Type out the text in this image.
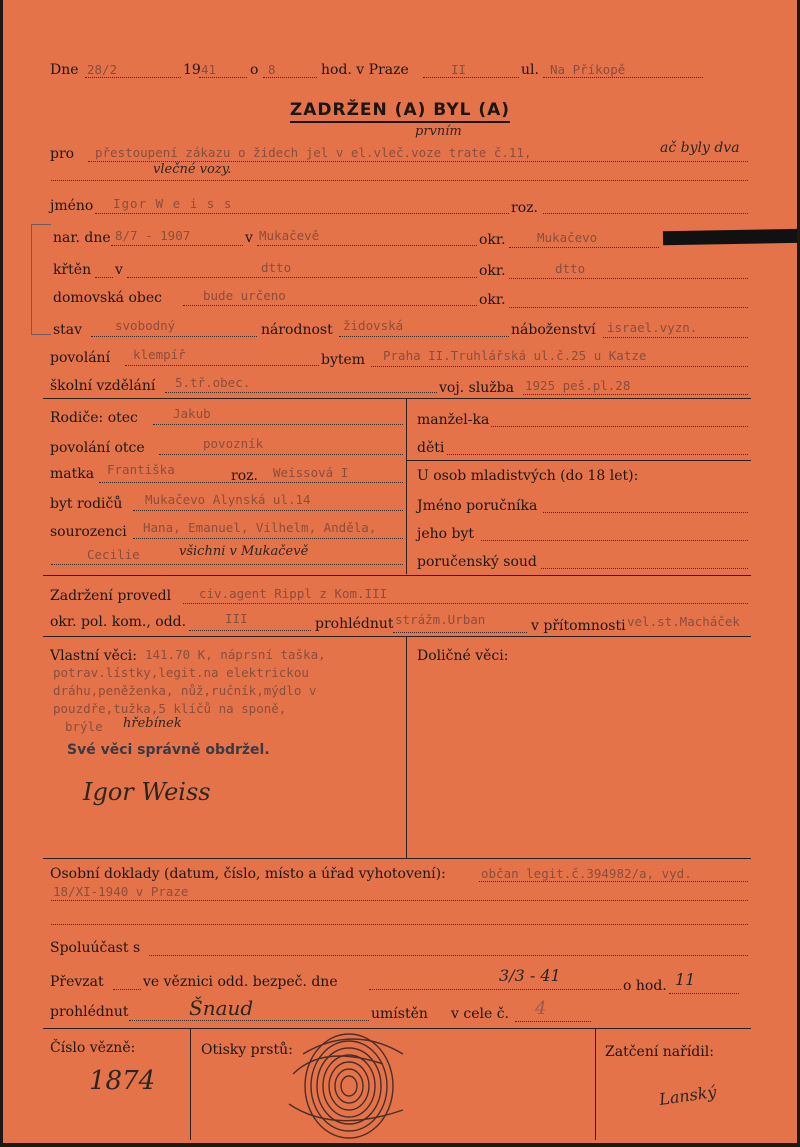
Dne 28/2	19 41 o 8	hod. v Praze	II	ul. Na Příkopě
ZADRŽEN (A) BYL (A)
pro přestoupení zákazu o židech jel v el.vleč.voze trate č.11,
prvním
ač byly dva
vlečné vozy.
jméno Igor W e i s s	roz.
nar. dne 8/7 - 1907	v Mukačevě	okr.	Mukačevo
křtěn v	dtto	okr.	dtto
domovská obec	bude určeno	okr.
stav	svobodný	národnost židovská	náboženství israel.vyzn.
povolání klempíř	bytem Praha II.Truhlářská ul.č.25 u Katze
školní vzdělání 5.tř.obec.	voj. služba 1925 peš.pl.28
Rodiče: otec	Jakub	manžel-ka
povolání otce	povozník	děti
matka Františka	roz. Weissová I	U osob mladistvých (do 18 let):
byt rodičů Mukačevo Alynská ul.14	Jméno poručníka
sourozenci Hana, Emanuel, Vilhelm, Anděla,	jeho byt
Cecilie	všichni v Mukačevě
poručenský soud
Zadržení provedl civ.agent Rippl z Kom.III
okr. pol. kom., odd.	III	prohlédnut strážm.Urban	v přítomnosti vel.st.Macháček
Vlastní věci: 141.70 K, náprsní taška,
potrav.lístky,legit.na elektrickou
dráhu,peněženka, nůž,ručník,mýdlo v
pouzdře,tužka,5 klíčů na sponě,
brýle hřebínek
Své věci správně obdržel.
Igor Weiss
Doličné věci:
Osobní doklady (datum, číslo, místo a úřad vyhotovení):	občan legit.č.394982/a, vyd.
18/XI-1940 v Praze
Spoluúčast s
Převzat	ve věznici odd. bezpeč. dne	3/3 - 41
o hod. 11
prohlédnut	Šnaud	umístěn v cele č. 4
Číslo vězně:
1874
Otisky prstů:	Zatčení nařídil:
Lanský
